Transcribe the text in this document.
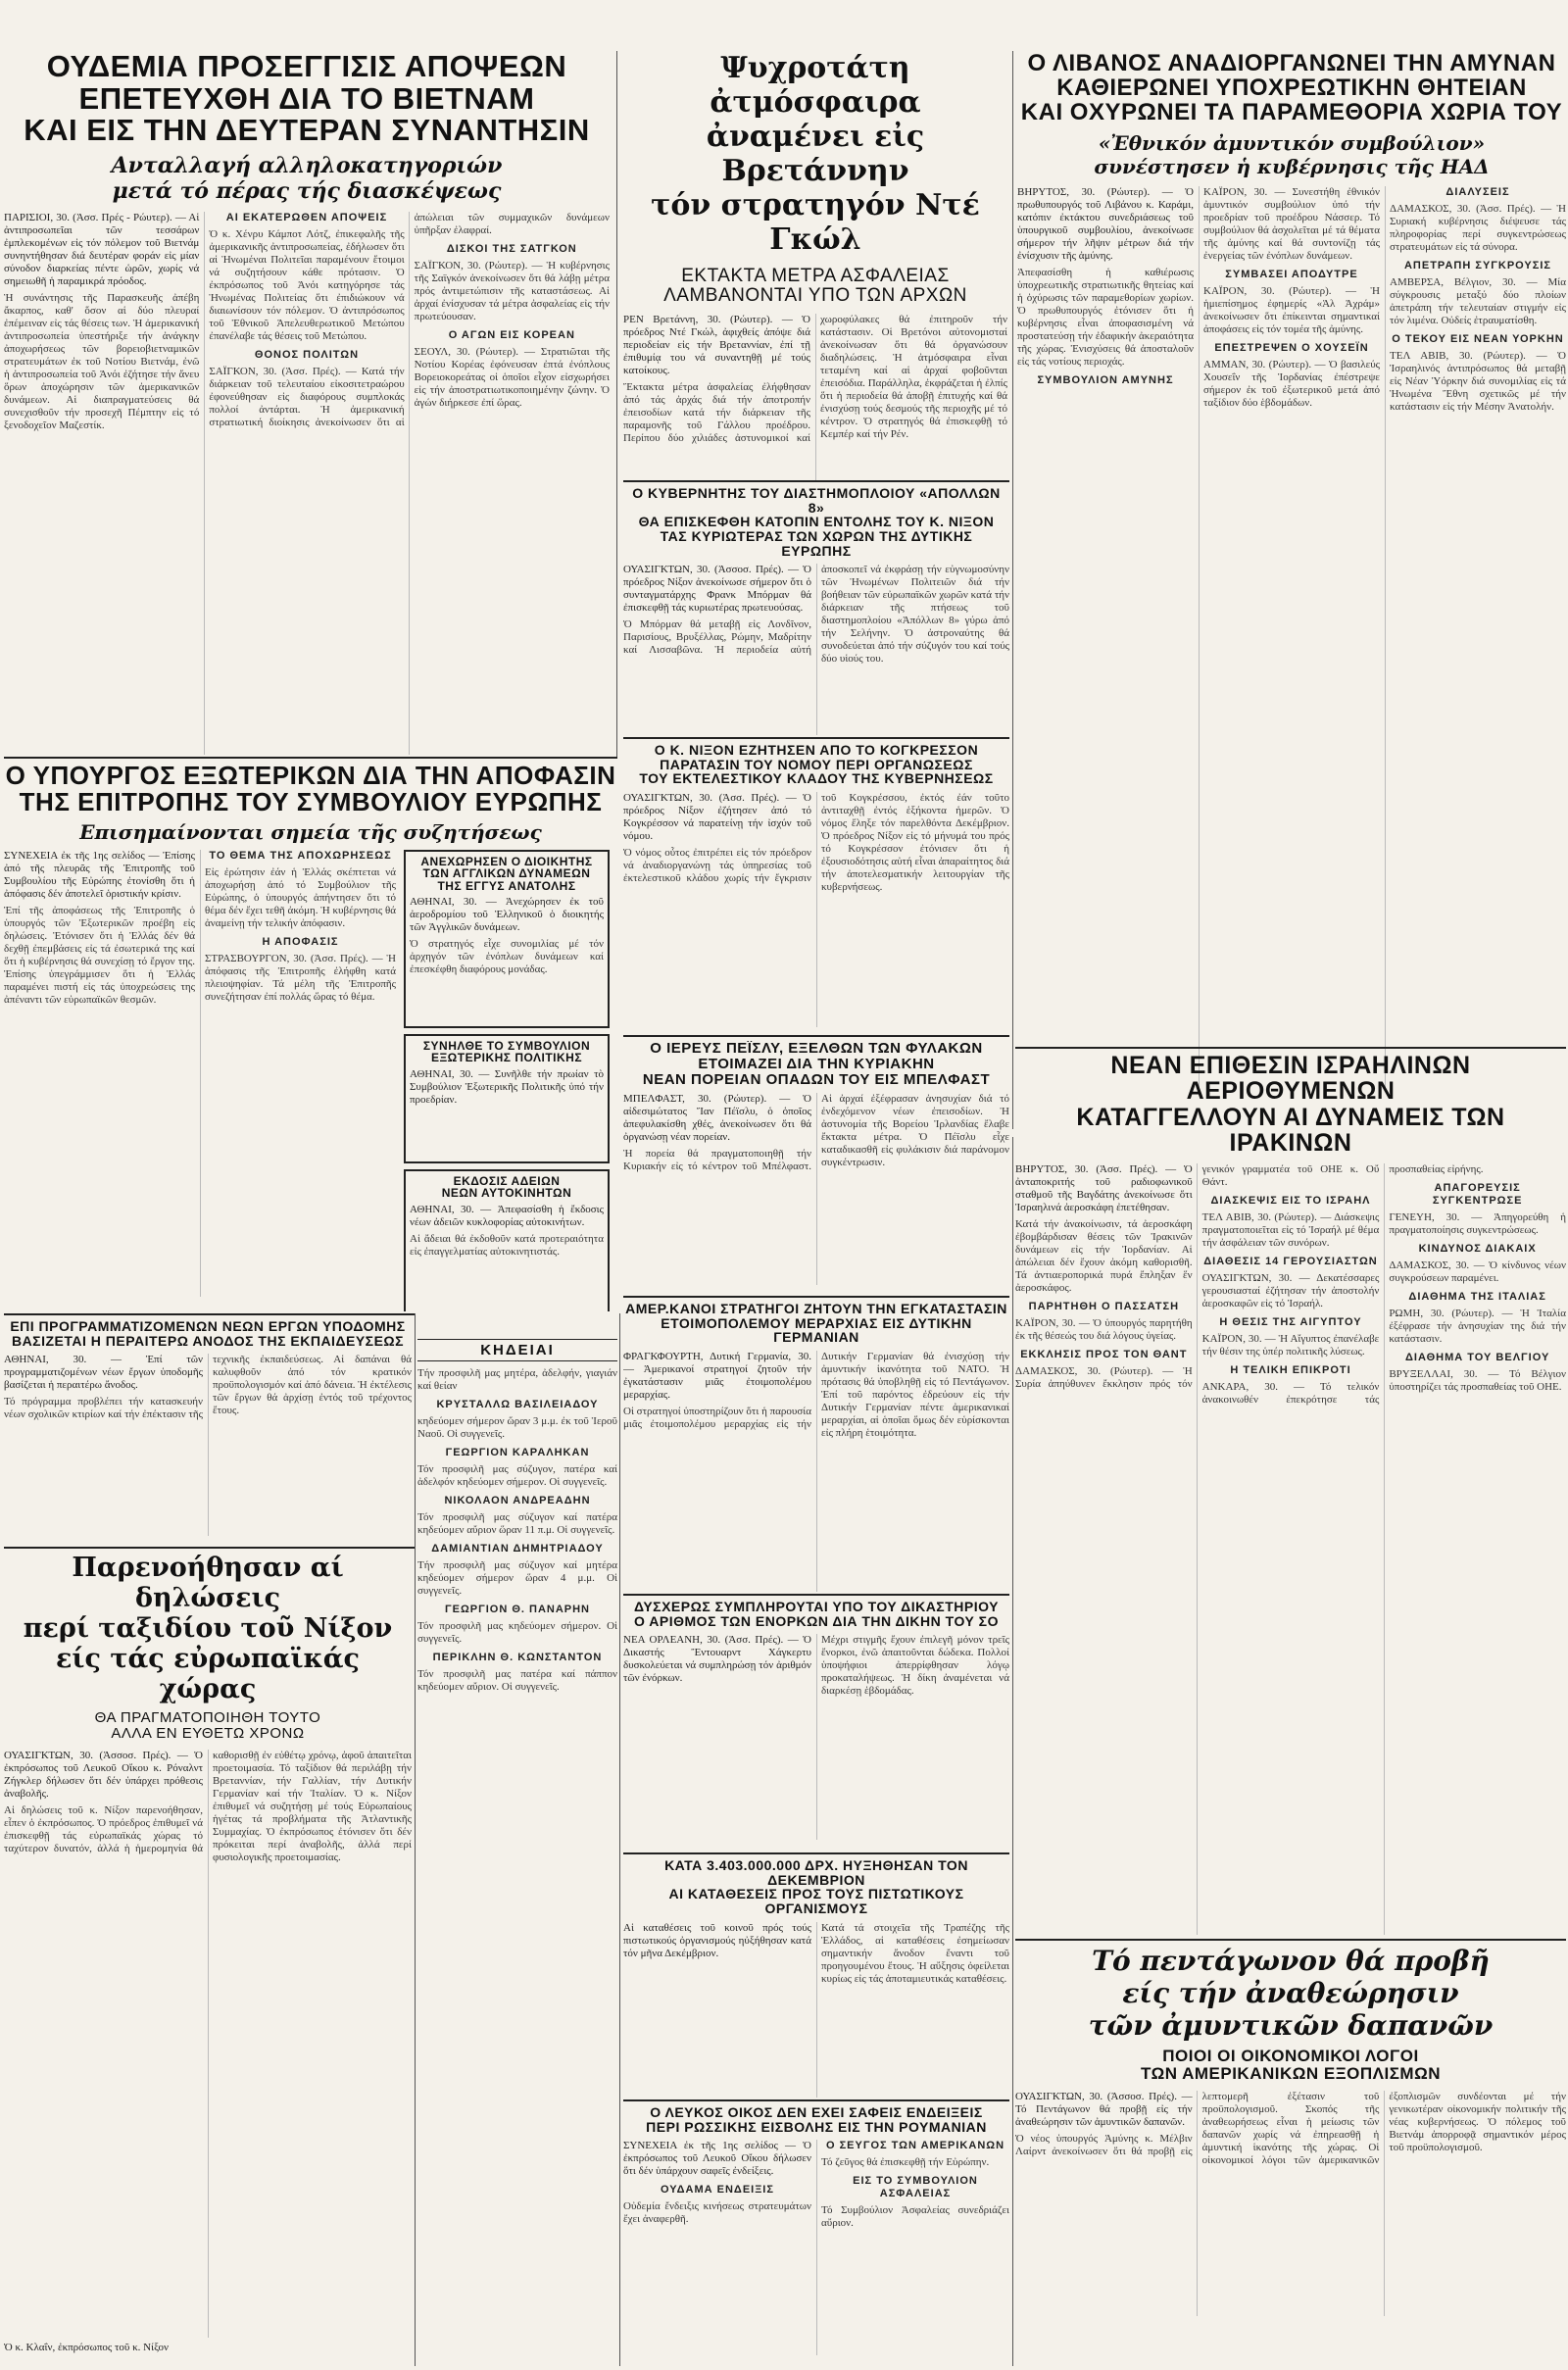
ΟΥΔΕΜΙΑ ΠΡΟΣΕΓΓΙΣΙΣ ΑΠΟΨΕΩΝ
ΕΠΕΤΕΥΧΘΗ ΔΙΑ ΤΟ ΒΙΕΤΝΑΜ
ΚΑΙ ΕΙΣ ΤΗΝ ΔΕΥΤΕΡΑΝ ΣΥΝΑΝΤΗΣΙΝ
Ανταλλαγή αλληλοκατηγοριών
μετά τό πέρας τής διασκέψεως

ΠΑΡΙΣΙΟΙ, 30. (Ἀσσ. Πρές - Ρώυτερ). — Αἱ ἀντιπροσωπεῖαι τῶν τεσσάρων ἐμπλεκομένων εἰς τόν πόλεμον τοῦ Βιετνάμ συνηντήθησαν διά δευτέραν φοράν εἰς μίαν σύνοδον διαρκείας πέντε ὡρῶν, χωρίς νά σημειωθῆ ἡ παραμικρά πρόοδος.

Ἡ συνάντησις τῆς Παρασκευῆς ἀπέβη ἄκαρπος, καθ' ὅσον αἱ δύο πλευραί ἐπέμειναν εἰς τάς θέσεις των. Ἡ ἀμερικανική ἀντιπροσωπεία ὑπεστήριξε τήν ἀνάγκην ἀποχωρήσεως τῶν βορειοβιετναμικῶν στρατευμάτων ἐκ τοῦ Νοτίου Βιετνάμ, ἐνῶ ἡ ἀντιπροσωπεία τοῦ Ἀνόι ἐζήτησε τήν ἄνευ ὅρων ἀποχώρησιν τῶν ἀμερικανικῶν δυνάμεων. Αἱ διαπραγματεύσεις θά συνεχισθοῦν τήν προσεχῆ Πέμπτην εἰς τό ξενοδοχεῖον Μαζεστίκ.

ΑΙ ΕΚΑΤΕΡΩΘΕΝ ΑΠΟΨΕΙΣ

Ὁ κ. Χένρυ Κάμποτ Λότζ, ἐπικεφαλῆς τῆς ἀμερικανικῆς ἀντιπροσωπείας, ἐδήλωσεν ὅτι αἱ Ἡνωμέναι Πολιτεῖαι παραμένουν ἕτοιμοι νά συζητήσουν κάθε πρότασιν. Ὁ ἐκπρόσωπος τοῦ Ἀνόι κατηγόρησε τάς Ἡνωμένας Πολιτείας ὅτι ἐπιδιώκουν νά διαιωνίσουν τόν πόλεμον. Ὁ ἀντιπρόσωπος τοῦ Ἐθνικοῦ Ἀπελευθερωτικοῦ Μετώπου ἐπανέλαβε τάς θέσεις τοῦ Μετώπου.

ΘΟΝΟΣ ΠΟΛΙΤΩΝ

ΣΑΪΓΚΟΝ, 30. (Ἀσσ. Πρές). — Κατά τήν διάρκειαν τοῦ τελευταίου εἰκοσιτετραώρου ἐφονεύθησαν εἰς διαφόρους συμπλοκάς πολλοί ἀντάρται. Ἡ ἀμερικανική στρατιωτική διοίκησις ἀνεκοίνωσεν ὅτι αἱ ἀπώλειαι τῶν συμμαχικῶν δυνάμεων ὑπῆρξαν ἐλαφραί.

ΔΙΣΚΟΙ ΤΗΣ ΣΑΤΓΚΟΝ

ΣΑΪΓΚΟΝ, 30. (Ρώυτερ). — Ἡ κυβέρνησις τῆς Σαϊγκόν ἀνεκοίνωσεν ὅτι θά λάβῃ μέτρα πρός ἀντιμετώπισιν τῆς καταστάσεως. Αἱ ἀρχαί ἐνίσχυσαν τά μέτρα ἀσφαλείας εἰς τήν πρωτεύουσαν.

Ο ΑΓΩΝ ΕΙΣ ΚΟΡΕΑΝ

ΣΕΟΥΛ, 30. (Ρώυτερ). — Στρατιῶται τῆς Νοτίου Κορέας ἐφόνευσαν ἐπτά ἐνόπλους Βορειοκορεάτας οἱ ὁποῖοι εἶχον εἰσχωρήσει εἰς τήν ἀποστρατιωτικοποιημένην ζώνην. Ὁ ἀγών διήρκεσε ἐπί ὥρας.

Ψυχροτάτη ἀτμόσφαιρα
ἀναμένει εἰς Βρετάννην
τόν στρατηγόν Ντέ Γκώλ
ΕΚΤΑΚΤΑ ΜΕΤΡΑ ΑΣΦΑΛΕΙΑΣ
ΛΑΜΒΑΝΟΝΤΑΙ ΥΠΟ ΤΩΝ ΑΡΧΩΝ

ΡΕΝ Βρετάννη, 30. (Ρώυτερ). — Ὁ πρόεδρος Ντέ Γκώλ, ἀφιχθείς ἀπόψε διά περιοδείαν εἰς τήν Βρεταννίαν, ἐπί τῇ ἐπιθυμίᾳ του νά συναντηθῇ μέ τούς κατοίκους.

Ἔκτακτα μέτρα ἀσφαλείας ἐλήφθησαν ἀπό τάς ἀρχάς διά τήν ἀποτροπήν ἐπεισοδίων κατά τήν διάρκειαν τῆς παραμονῆς τοῦ Γάλλου προέδρου. Περίπου δύο χιλιάδες ἀστυνομικοί καί χωροφύλακες θά ἐπιτηροῦν τήν κατάστασιν. Οἱ Βρετόνοι αὐτονομισταί ἀνεκοίνωσαν ὅτι θά ὀργανώσουν διαδηλώσεις. Ἡ ἀτμόσφαιρα εἶναι τεταμένη καί αἱ ἀρχαί φοβοῦνται ἐπεισόδια. Παράλληλα, ἐκφράζεται ἡ ἐλπίς ὅτι ἡ περιοδεία θά ἀποβῇ ἐπιτυχής καί θά ἐνισχύσῃ τούς δεσμούς τῆς περιοχῆς μέ τό κέντρον. Ὁ στρατηγός θά ἐπισκεφθῇ τό Κεμπέρ καί τήν Ρέν.

Ο ΛΙΒΑΝΟΣ ΑΝΑΔΙΟΡΓΑΝΩΝΕΙ ΤΗΝ ΑΜΥΝΑΝ
ΚΑΘΙΕΡΩΝΕΙ ΥΠΟΧΡΕΩΤΙΚΗΝ ΘΗΤΕΙΑΝ
ΚΑΙ ΟΧΥΡΩΝΕΙ ΤΑ ΠΑΡΑΜΕΘΟΡΙΑ ΧΩΡΙΑ ΤΟΥ
«Ἐθνικόν ἀμυντικόν συμβούλιον»
συνέστησεν ἡ κυβέρνησις τῆς ΗΑΔ

ΒΗΡΥΤΟΣ, 30. (Ρώυτερ). — Ὁ πρωθυπουργός τοῦ Λιβάνου κ. Καράμι, κατόπιν ἐκτάκτου συνεδριάσεως τοῦ ὑπουργικοῦ συμβουλίου, ἀνεκοίνωσε σήμερον τήν λῆψιν μέτρων διά τήν ἐνίσχυσιν τῆς ἀμύνης.

Ἀπεφασίσθη ἡ καθιέρωσις ὑποχρεωτικῆς στρατιωτικῆς θητείας καί ἡ ὀχύρωσις τῶν παραμεθορίων χωρίων. Ὁ πρωθυπουργός ἐτόνισεν ὅτι ἡ κυβέρνησις εἶναι ἀποφασισμένη νά προστατεύσῃ τήν ἐδαφικήν ἀκεραιότητα τῆς χώρας. Ἐνισχύσεις θά ἀποσταλοῦν εἰς τάς νοτίους περιοχάς.

ΣΥΜΒΟΥΛΙΟΝ ΑΜΥΝΗΣ

ΚΑΪΡΟΝ, 30. — Συνεστήθη ἐθνικόν ἀμυντικόν συμβούλιον ὑπό τήν προεδρίαν τοῦ προέδρου Νάσσερ. Τό συμβούλιον θά ἀσχολεῖται μέ τά θέματα τῆς ἀμύνης καί θά συντονίζῃ τάς ἐνεργείας τῶν ἐνόπλων δυνάμεων.

ΣΥΜΒΑΣΕΙ ΑΠΟΔΥΤΡΕ

ΚΑΪΡΟΝ, 30. (Ρώυτερ). — Ἡ ἡμιεπίσημος ἐφημερίς «Ἀλ Ἀχράμ» ἀνεκοίνωσεν ὅτι ἐπίκεινται σημαντικαί ἀποφάσεις εἰς τόν τομέα τῆς ἀμύνης.

ΕΠΕΣΤΡΕΨΕΝ Ο ΧΟΥΣΕΪΝ

ΑΜΜΑΝ, 30. (Ρώυτερ). — Ὁ βασιλεύς Χουσεΐν τῆς Ἰορδανίας ἐπέστρεψε σήμερον ἐκ τοῦ ἐξωτερικοῦ μετά ἀπό ταξίδιον δύο ἑβδομάδων.

ΔΙΑΛΥΣΕΙΣ

ΔΑΜΑΣΚΟΣ, 30. (Ἀσσ. Πρές). — Ἡ Συριακή κυβέρνησις διέψευσε τάς πληροφορίας περί συγκεντρώσεως στρατευμάτων εἰς τά σύνορα.

ΑΠΕΤΡΑΠΗ ΣΥΓΚΡΟΥΣΙΣ

ΑΜΒΕΡΣΑ, Βέλγιον, 30. — Μία σύγκρουσις μεταξύ δύο πλοίων ἀπετράπη τήν τελευταίαν στιγμήν εἰς τόν λιμένα. Οὐδείς ἐτραυματίσθη.

Ο ΤΕΚΟΥ ΕΙΣ ΝΕΑΝ ΥΟΡΚΗΝ

ΤΕΛ ΑΒΙΒ, 30. (Ρώυτερ). — Ὁ Ἰσραηλινός ἀντιπρόσωπος θά μεταβῇ εἰς Νέαν Ὑόρκην διά συνομιλίας εἰς τά Ἡνωμένα Ἔθνη σχετικῶς μέ τήν κατάστασιν εἰς τήν Μέσην Ἀνατολήν.

Ο ΚΥΒΕΡΝΗΤΗΣ ΤΟΥ ΔΙΑΣΤΗΜΟΠΛΟΙΟΥ «ΑΠΟΛΛΩΝ 8»
ΘΑ ΕΠΙΣΚΕΦΘΗ ΚΑΤΟΠΙΝ ΕΝΤΟΛΗΣ ΤΟΥ Κ. ΝΙΞΟΝ
ΤΑΣ ΚΥΡΙΩΤΕΡΑΣ ΤΩΝ ΧΩΡΩΝ ΤΗΣ ΔΥΤΙΚΗΣ ΕΥΡΩΠΗΣ

ΟΥΑΣΙΓΚΤΩΝ, 30. (Ἀσσοσ. Πρές). — Ὁ πρόεδρος Νίξον ἀνεκοίνωσε σήμερον ὅτι ὁ συνταγματάρχης Φρανκ Μπόρμαν θά ἐπισκεφθῇ τάς κυριωτέρας πρωτευούσας.

Ὁ Μπόρμαν θά μεταβῇ εἰς Λονδῖνον, Παρισίους, Βρυξέλλας, Ρώμην, Μαδρίτην καί Λισσαβῶνα. Ἡ περιοδεία αὐτή ἀποσκοπεῖ νά ἐκφράσῃ τήν εὐγνωμοσύνην τῶν Ἡνωμένων Πολιτειῶν διά τήν βοήθειαν τῶν εὐρωπαϊκῶν χωρῶν κατά τήν διάρκειαν τῆς πτήσεως τοῦ διαστημοπλοίου «Ἀπόλλων 8» γύρω ἀπό τήν Σελήνην. Ὁ ἀστροναύτης θά συνοδεύεται ἀπό τήν σύζυγόν του καί τούς δύο υἱούς του.

Ο Κ. ΝΙΞΟΝ ΕΖΗΤΗΣΕΝ ΑΠΟ ΤΟ ΚΟΓΚΡΕΣΣΟΝ
ΠΑΡΑΤΑΣΙΝ ΤΟΥ ΝΟΜΟΥ ΠΕΡΙ ΟΡΓΑΝΩΣΕΩΣ
ΤΟΥ ΕΚΤΕΛΕΣΤΙΚΟΥ ΚΛΑΔΟΥ ΤΗΣ ΚΥΒΕΡΝΗΣΕΩΣ

ΟΥΑΣΙΓΚΤΩΝ, 30. (Ἀσσ. Πρές). — Ὁ πρόεδρος Νίξον ἐζήτησεν ἀπό τό Κογκρέσσον νά παρατείνῃ τήν ἰσχύν τοῦ νόμου.

Ὁ νόμος οὗτος ἐπιτρέπει εἰς τόν πρόεδρον νά ἀναδιοργανώνῃ τάς ὑπηρεσίας τοῦ ἐκτελεστικοῦ κλάδου χωρίς τήν ἔγκρισιν τοῦ Κογκρέσσου, ἐκτός ἐάν τοῦτο ἀντιταχθῇ ἐντός ἑξήκοντα ἡμερῶν. Ὁ νόμος ἔληξε τόν παρελθόντα Δεκέμβριον. Ὁ πρόεδρος Νίξον εἰς τό μήνυμά του πρός τό Κογκρέσσον ἐτόνισεν ὅτι ἡ ἐξουσιοδότησις αὐτή εἶναι ἀπαραίτητος διά τήν ἀποτελεσματικήν λειτουργίαν τῆς κυβερνήσεως.

Ο ΥΠΟΥΡΓΟΣ ΕΞΩΤΕΡΙΚΩΝ ΔΙΑ ΤΗΝ ΑΠΟΦΑΣΙΝ
ΤΗΣ ΕΠΙΤΡΟΠΗΣ ΤΟΥ ΣΥΜΒΟΥΛΙΟΥ ΕΥΡΩΠΗΣ
Επισημαίνονται σημεία τῆς συζητήσεως

ΣΥΝΕΧΕΙΑ ἐκ τῆς 1ης σελίδος — Ἐπίσης ἀπό τῆς πλευρᾶς τῆς Ἐπιτροπῆς τοῦ Συμβουλίου τῆς Εὐρώπης ἐτονίσθη ὅτι ἡ ἀπόφασις δέν ἀποτελεῖ ὁριστικήν κρίσιν.

Ἐπί τῆς ἀποφάσεως τῆς Ἐπιτροπῆς ὁ ὑπουργός τῶν Ἐξωτερικῶν προέβη εἰς δηλώσεις. Ἐτόνισεν ὅτι ἡ Ἑλλάς δέν θά δεχθῇ ἐπεμβάσεις εἰς τά ἐσωτερικά της καί ὅτι ἡ κυβέρνησις θά συνεχίσῃ τό ἔργον της. Ἐπίσης ὑπεγράμμισεν ὅτι ἡ Ἑλλάς παραμένει πιστή εἰς τάς ὑποχρεώσεις της ἀπέναντι τῶν εὐρωπαϊκῶν θεσμῶν.

ΤΟ ΘΕΜΑ ΤΗΣ ΑΠΟΧΩΡΗΣΕΩΣ

Εἰς ἐρώτησιν ἐάν ἡ Ἑλλάς σκέπτεται νά ἀποχωρήσῃ ἀπό τό Συμβούλιον τῆς Εὐρώπης, ὁ ὑπουργός ἀπήντησεν ὅτι τό θέμα δέν ἔχει τεθῆ ἀκόμη. Ἡ κυβέρνησις θά ἀναμείνῃ τήν τελικήν ἀπόφασιν.

Η ΑΠΟΦΑΣΙΣ

ΣΤΡΑΣΒΟΥΡΓΟΝ, 30. (Ἀσσ. Πρές). — Ἡ ἀπόφασις τῆς Ἐπιτροπῆς ἐλήφθη κατά πλειοψηφίαν. Τά μέλη τῆς Ἐπιτροπῆς συνεζήτησαν ἐπί πολλάς ὥρας τό θέμα.

ΑΝΕΧΩΡΗΣΕΝ Ο ΔΙΟΙΚΗΤΗΣ
ΤΩΝ ΑΓΓΛΙΚΩΝ ΔΥΝΑΜΕΩΝ
ΤΗΣ ΕΓΓΥΣ ΑΝΑΤΟΛΗΣ

ΑΘΗΝΑΙ, 30. — Ἀνεχώρησεν ἐκ τοῦ ἀεροδρομίου τοῦ Ἑλληνικοῦ ὁ διοικητής τῶν Ἀγγλικῶν δυνάμεων.

Ὁ στρατηγός εἶχε συνομιλίας μέ τόν ἀρχηγόν τῶν ἐνόπλων δυνάμεων καί ἐπεσκέφθη διαφόρους μονάδας.

ΣΥΝΗΛΘΕ ΤΟ ΣΥΜΒΟΥΛΙΟΝ
ΕΞΩΤΕΡΙΚΗΣ ΠΟΛΙΤΙΚΗΣ

ΑΘΗΝΑΙ, 30. — Συνῆλθε τήν πρωίαν τὸ Συμβούλιον Ἐξωτερικῆς Πολιτικῆς ὑπό τήν προεδρίαν.

ΕΚΔΟΣΙΣ ΑΔΕΙΩΝ
ΝΕΩΝ ΑΥΤΟΚΙΝΗΤΩΝ

ΑΘΗΝΑΙ, 30. — Ἀπεφασίσθη ἡ ἔκδοσις νέων ἀδειῶν κυκλοφορίας αὐτοκινήτων.

Αἱ ἄδειαι θά ἐκδοθοῦν κατά προτεραιότητα εἰς ἐπαγγελματίας αὐτοκινητιστάς.

ΚΗΔΕΙΑΙ

Τήν προσφιλῆ μας μητέρα, ἀδελφήν, γιαγιάν καί θείαν

ΚΡΥΣΤΑΛΛΩ ΒΑΣΙΛΕΙΑΔΟΥ

κηδεύομεν σήμερον ὥραν 3 μ.μ. ἐκ τοῦ Ἱεροῦ Ναοῦ. Οἱ συγγενεῖς.

ΓΕΩΡΓΙΟΝ ΚΑΡΑΛΗΚΑΝ

Τόν προσφιλῆ μας σύζυγον, πατέρα καί ἀδελφόν κηδεύομεν σήμερον. Οἱ συγγενεῖς.

ΝΙΚΟΛΑΟΝ ΑΝΔΡΕΑΔΗΝ

Τόν προσφιλῆ μας σύζυγον καί πατέρα κηδεύομεν αὔριον ὥραν 11 π.μ. Οἱ συγγενεῖς.

ΔΑΜΙΑΝΤΙΑΝ ΔΗΜΗΤΡΙΑΔΟΥ

Τήν προσφιλῆ μας σύζυγον καί μητέρα κηδεύομεν σήμερον ὥραν 4 μ.μ. Οἱ συγγενεῖς.

ΓΕΩΡΓΙΟΝ Θ. ΠΑΝΑΡΗΝ

Τόν προσφιλῆ μας κηδεύομεν σήμερον. Οἱ συγγενεῖς.

ΠΕΡΙΚΛΗΝ Θ. ΚΩΝΣΤΑΝΤΟΝ

Τόν προσφιλῆ μας πατέρα καί πάππον κηδεύομεν αὔριον. Οἱ συγγενεῖς.

Ο ΙΕΡΕΥΣ ΠΕΪΣΛΥ, ΕΞΕΛΘΩΝ ΤΩΝ ΦΥΛΑΚΩΝ
ΕΤΟΙΜΑΖΕΙ ΔΙΑ ΤΗΝ ΚΥΡΙΑΚΗΝ
ΝΕΑΝ ΠΟΡΕΙΑΝ ΟΠΑΔΩΝ ΤΟΥ ΕΙΣ ΜΠΕΛΦΑΣΤ

ΜΠΕΛΦΑΣΤ, 30. (Ρώυτερ). — Ὁ αἰδεσιμώτατος Ἴαν Πέϊσλυ, ὁ ὁποῖος ἀπεφυλακίσθη χθές, ἀνεκοίνωσεν ὅτι θά ὀργανώσῃ νέαν πορείαν.

Ἡ πορεία θά πραγματοποιηθῇ τήν Κυριακήν εἰς τό κέντρον τοῦ Μπέλφαστ. Αἱ ἀρχαί ἐξέφρασαν ἀνησυχίαν διά τό ἐνδεχόμενον νέων ἐπεισοδίων. Ἡ ἀστυνομία τῆς Βορείου Ἰρλανδίας ἔλαβε ἔκτακτα μέτρα. Ὁ Πέϊσλυ εἶχε καταδικασθῆ εἰς φυλάκισιν διά παράνομον συγκέντρωσιν.

ΝΕΑΝ ΕΠΙΘΕΣΙΝ ΙΣΡΑΗΛΙΝΩΝ ΑΕΡΙΟΘΥΜΕΝΩΝ
ΚΑΤΑΓΓΕΛΛΟΥΝ ΑΙ ΔΥΝΑΜΕΙΣ ΤΩΝ ΙΡΑΚΙΝΩΝ

ΒΗΡΥΤΟΣ, 30. (Ἀσσ. Πρές). — Ὁ ἀνταποκριτής τοῦ ραδιοφωνικοῦ σταθμοῦ τῆς Βαγδάτης ἀνεκοίνωσε ὅτι Ἰσραηλινά ἀεροσκάφη ἐπετέθησαν.

Κατά τήν ἀνακοίνωσιν, τά ἀεροσκάφη ἐβομβάρδισαν θέσεις τῶν Ἰρακινῶν δυνάμεων εἰς τήν Ἰορδανίαν. Αἱ ἀπώλειαι δέν ἔχουν ἀκόμη καθορισθῆ. Τά ἀντιαεροπορικά πυρά ἔπληξαν ἕν ἀεροσκάφος.

ΠΑΡΗΤΗΘΗ Ο ΠΑΣΣΑΤΣΗ

ΚΑΪΡΟΝ, 30. — Ὁ ὑπουργός παρητήθη ἐκ τῆς θέσεώς του διά λόγους ὑγείας.

ΕΚΚΛΗΣΙΣ ΠΡΟΣ ΤΟΝ ΘΑΝΤ

ΔΑΜΑΣΚΟΣ, 30. (Ρώυτερ). — Ἡ Συρία ἀπηύθυνεν ἔκκλησιν πρός τόν γενικόν γραμματέα τοῦ ΟΗΕ κ. Οὔ Θάντ.

ΔΙΑΣΚΕΨΙΣ ΕΙΣ ΤΟ ΙΣΡΑΗΛ

ΤΕΛ ΑΒΙΒ, 30. (Ρώυτερ). — Διάσκεψις πραγματοποιεῖται εἰς τό Ἰσραήλ μέ θέμα τήν ἀσφάλειαν τῶν συνόρων.

ΔΙΑΘΕΣΙΣ 14 ΓΕΡΟΥΣΙΑΣΤΩΝ

ΟΥΑΣΙΓΚΤΩΝ, 30. — Δεκατέσσαρες γερουσιασταί ἐζήτησαν τήν ἀποστολήν ἀεροσκαφῶν εἰς τό Ἰσραήλ.

Η ΘΕΣΙΣ ΤΗΣ ΑΙΓΥΠΤΟΥ

ΚΑΪΡΟΝ, 30. — Ἡ Αἴγυπτος ἐπανέλαβε τήν θέσιν της ὑπέρ πολιτικῆς λύσεως.

Η ΤΕΛΙΚΗ ΕΠΙΚΡΟΤΙ

ΑΝΚΑΡΑ, 30. — Τό τελικόν ἀνακοινωθέν ἐπεκρότησε τάς προσπαθείας εἰρήνης.

ΑΠΑΓΟΡΕΥΣΙΣ ΣΥΓΚΕΝΤΡΩΣΕ

ΓΕΝΕΥΗ, 30. — Ἀπηγορεύθη ἡ πραγματοποίησις συγκεντρώσεως.

ΚΙΝΔΥΝΟΣ ΔΙΑΚΑΙΧ

ΔΑΜΑΣΚΟΣ, 30. — Ὁ κίνδυνος νέων συγκρούσεων παραμένει.

ΔΙΑΘΗΜΑ ΤΗΣ ΙΤΑΛΙΑΣ

ΡΩΜΗ, 30. (Ρώυτερ). — Ἡ Ἰταλία ἐξέφρασε τήν ἀνησυχίαν της διά τήν κατάστασιν.

ΔΙΑΘΗΜΑ ΤΟΥ ΒΕΛΓΙΟΥ

ΒΡΥΞΕΛΛΑΙ, 30. — Τό Βέλγιον ὑποστηρίζει τάς προσπαθείας τοῦ ΟΗΕ.

ΑΜΕΡ.ΚΑΝΟΙ ΣΤΡΑΤΗΓΟΙ ΖΗΤΟΥΝ ΤΗΝ ΕΓΚΑΤΑΣΤΑΣΙΝ
ΕΤΟΙΜΟΠΟΛΕΜΟΥ ΜΕΡΑΡΧΙΑΣ ΕΙΣ ΔΥΤΙΚΗΝ ΓΕΡΜΑΝΙΑΝ

ΦΡΑΓΚΦΟΥΡΤΗ, Δυτική Γερμανία, 30. — Ἀμερικανοί στρατηγοί ζητοῦν τήν ἐγκατάστασιν μιᾶς ἐτοιμοπολέμου μεραρχίας.

Οἱ στρατηγοί ὑποστηρίζουν ὅτι ἡ παρουσία μιᾶς ἐτοιμοπολέμου μεραρχίας εἰς τήν Δυτικήν Γερμανίαν θά ἐνισχύσῃ τήν ἀμυντικήν ἱκανότητα τοῦ ΝΑΤΟ. Ἡ πρότασις θά ὑποβληθῇ εἰς τό Πεντάγωνον. Ἐπί τοῦ παρόντος ἐδρεύουν εἰς τήν Δυτικήν Γερμανίαν πέντε ἀμερικανικαί μεραρχίαι, αἱ ὁποῖαι ὅμως δέν εὑρίσκονται εἰς πλήρη ἑτοιμότητα.

ΔΥΣΧΕΡΩΣ ΣΥΜΠΛΗΡΟΥΤΑΙ ΥΠΟ ΤΟΥ ΔΙΚΑΣΤΗΡΙΟΥ
Ο ΑΡΙΘΜΟΣ ΤΩΝ ΕΝΟΡΚΩΝ ΔΙΑ ΤΗΝ ΔΙΚΗΝ ΤΟΥ ΣΟ

ΝΕΑ ΟΡΛΕΑΝΗ, 30. (Ἀσσ. Πρές). — Ὁ Δικαστής Ἔντουαρντ Χάγκερτυ δυσκολεύεται νά συμπληρώσῃ τόν ἀριθμόν τῶν ἐνόρκων.

Μέχρι στιγμῆς ἔχουν ἐπιλεγῆ μόνον τρεῖς ἔνορκοι, ἐνῶ ἀπαιτοῦνται δώδεκα. Πολλοί ὑποψήφιοι ἀπερρίφθησαν λόγῳ προκαταλήψεως. Ἡ δίκη ἀναμένεται νά διαρκέσῃ ἑβδομάδας.

ΚΑΤΑ 3.403.000.000 ΔΡΧ. ΗΥΞΗΘΗΣΑΝ ΤΟΝ ΔΕΚΕΜΒΡΙΟΝ
ΑΙ ΚΑΤΑΘΕΣΕΙΣ ΠΡΟΣ ΤΟΥΣ ΠΙΣΤΩΤΙΚΟΥΣ ΟΡΓΑΝΙΣΜΟΥΣ

Αἱ καταθέσεις τοῦ κοινοῦ πρός τούς πιστωτικούς ὀργανισμούς ηὐξήθησαν κατά τόν μῆνα Δεκέμβριον.

Κατά τά στοιχεῖα τῆς Τραπέζης τῆς Ἑλλάδος, αἱ καταθέσεις ἐσημείωσαν σημαντικήν ἄνοδον ἔναντι τοῦ προηγουμένου ἔτους. Ἡ αὔξησις ὀφείλεται κυρίως εἰς τάς ἀποταμιευτικάς καταθέσεις.

Ο ΛΕΥΚΟΣ ΟΙΚΟΣ ΔΕΝ ΕΧΕΙ ΣΑΦΕΙΣ ΕΝΔΕΙΞΕΙΣ
ΠΕΡΙ ΡΩΣΣΙΚΗΣ ΕΙΣΒΟΛΗΣ ΕΙΣ ΤΗΝ ΡΟΥΜΑΝΙΑΝ

ΣΥΝΕΧΕΙΑ ἐκ τῆς 1ης σελίδος — Ὁ ἐκπρόσωπος τοῦ Λευκοῦ Οἴκου δήλωσεν ὅτι δέν ὑπάρχουν σαφεῖς ἐνδείξεις.

ΟΥΔΑΜΑ ΕΝΔΕΙΞΙΣ

Οὐδεμία ἔνδειξις κινήσεως στρατευμάτων ἔχει ἀναφερθῆ.

Ο ΣΕΥΓΟΣ ΤΩΝ ΑΜΕΡΙΚΑΝΩΝ

Τό ζεῦγος θά ἐπισκεφθῇ τήν Εὐρώπην.

ΕΙΣ ΤΟ ΣΥΜΒΟΥΛΙΟΝ ΑΣΦΑΛΕΙΑΣ

Τό Συμβούλιον Ἀσφαλείας συνεδριάζει αὔριον.

ΕΠΙ ΠΡΟΓΡΑΜΜΑΤΙΖΟΜΕΝΩΝ ΝΕΩΝ ΕΡΓΩΝ ΥΠΟΔΟΜΗΣ
ΒΑΣΙΖΕΤΑΙ Η ΠΕΡΑΙΤΕΡΩ ΑΝΟΔΟΣ ΤΗΣ ΕΚΠΑΙΔΕΥΣΕΩΣ

ΑΘΗΝΑΙ, 30. — Ἐπί τῶν προγραμματιζομένων νέων ἔργων ὑποδομῆς βασίζεται ἡ περαιτέρω ἄνοδος.

Τό πρόγραμμα προβλέπει τήν κατασκευήν νέων σχολικῶν κτιρίων καί τήν ἐπέκτασιν τῆς τεχνικῆς ἐκπαιδεύσεως. Αἱ δαπάναι θά καλυφθοῦν ἀπό τόν κρατικόν προϋπολογισμόν καί ἀπό δάνεια. Ἡ ἐκτέλεσις τῶν ἔργων θά ἀρχίσῃ ἐντός τοῦ τρέχοντος ἔτους.

Παρενοήθησαν αί δηλώσεις
περί ταξιδίου τοῦ Νίξον
είς τάς εὐρωπαϊκάς χώρας
ΘΑ ΠΡΑΓΜΑΤΟΠΟΙΗΘΗ ΤΟΥΤΟ
ΑΛΛΑ ΕΝ ΕΥΘΕΤΩ ΧΡΟΝΩ

ΟΥΑΣΙΓΚΤΩΝ, 30. (Ἀσσοσ. Πρές). — Ὁ ἐκπρόσωπος τοῦ Λευκοῦ Οἴκου κ. Ρόναλντ Ζήγκλερ δήλωσεν ὅτι δέν ὑπάρχει πρόθεσις ἀναβολῆς.

Αἱ δηλώσεις τοῦ κ. Νίξον παρενοήθησαν, εἶπεν ὁ ἐκπρόσωπος. Ὁ πρόεδρος ἐπιθυμεῖ νά ἐπισκεφθῇ τάς εὐρωπαϊκάς χώρας τό ταχύτερον δυνατόν, ἀλλά ἡ ἡμερομηνία θά καθορισθῇ ἐν εὐθέτῳ χρόνῳ, ἀφοῦ ἀπαιτεῖται προετοιμασία. Τό ταξίδιον θά περιλάβῃ τήν Βρεταννίαν, τήν Γαλλίαν, τήν Δυτικήν Γερμανίαν καί τήν Ἰταλίαν. Ὁ κ. Νίξον ἐπιθυμεῖ νά συζητήσῃ μέ τούς Εὐρωπαίους ἡγέτας τά προβλήματα τῆς Ἀτλαντικῆς Συμμαχίας. Ὁ ἐκπρόσωπος ἐτόνισεν ὅτι δέν πρόκειται περί ἀναβολῆς, ἀλλά περί φυσιολογικῆς προετοιμασίας.

Ὁ κ. Κλαΐν, ἐκπρόσωπος τοῦ κ. Νίξον
Τό πεντάγωνον θά προβῆ
είς τήν ἀναθεώρησιν
τῶν ἀμυντικῶν δαπανῶν
ΠΟΙΟΙ ΟΙ ΟΙΚΟΝΟΜΙΚΟΙ ΛΟΓΟΙ
ΤΩΝ ΑΜΕΡΙΚΑΝΙΚΩΝ ΕΞΟΠΛΙΣΜΩΝ

ΟΥΑΣΙΓΚΤΩΝ, 30. (Ἀσσοσ. Πρές). — Τό Πεντάγωνον θά προβῇ εἰς τήν ἀναθεώρησιν τῶν ἀμυντικῶν δαπανῶν.

Ὁ νέος ὑπουργός Ἀμύνης κ. Μέλβιν Λαίρντ ἀνεκοίνωσεν ὅτι θά προβῇ εἰς λεπτομερῆ ἐξέτασιν τοῦ προϋπολογισμοῦ. Σκοπός τῆς ἀναθεωρήσεως εἶναι ἡ μείωσις τῶν δαπανῶν χωρίς νά ἐπηρεασθῇ ἡ ἀμυντική ἱκανότης τῆς χώρας. Οἱ οἰκονομικοί λόγοι τῶν ἀμερικανικῶν ἐξοπλισμῶν συνδέονται μέ τήν γενικωτέραν οἰκονομικήν πολιτικήν τῆς νέας κυβερνήσεως. Ὁ πόλεμος τοῦ Βιετνάμ ἀπορροφᾷ σημαντικόν μέρος τοῦ προϋπολογισμοῦ.
